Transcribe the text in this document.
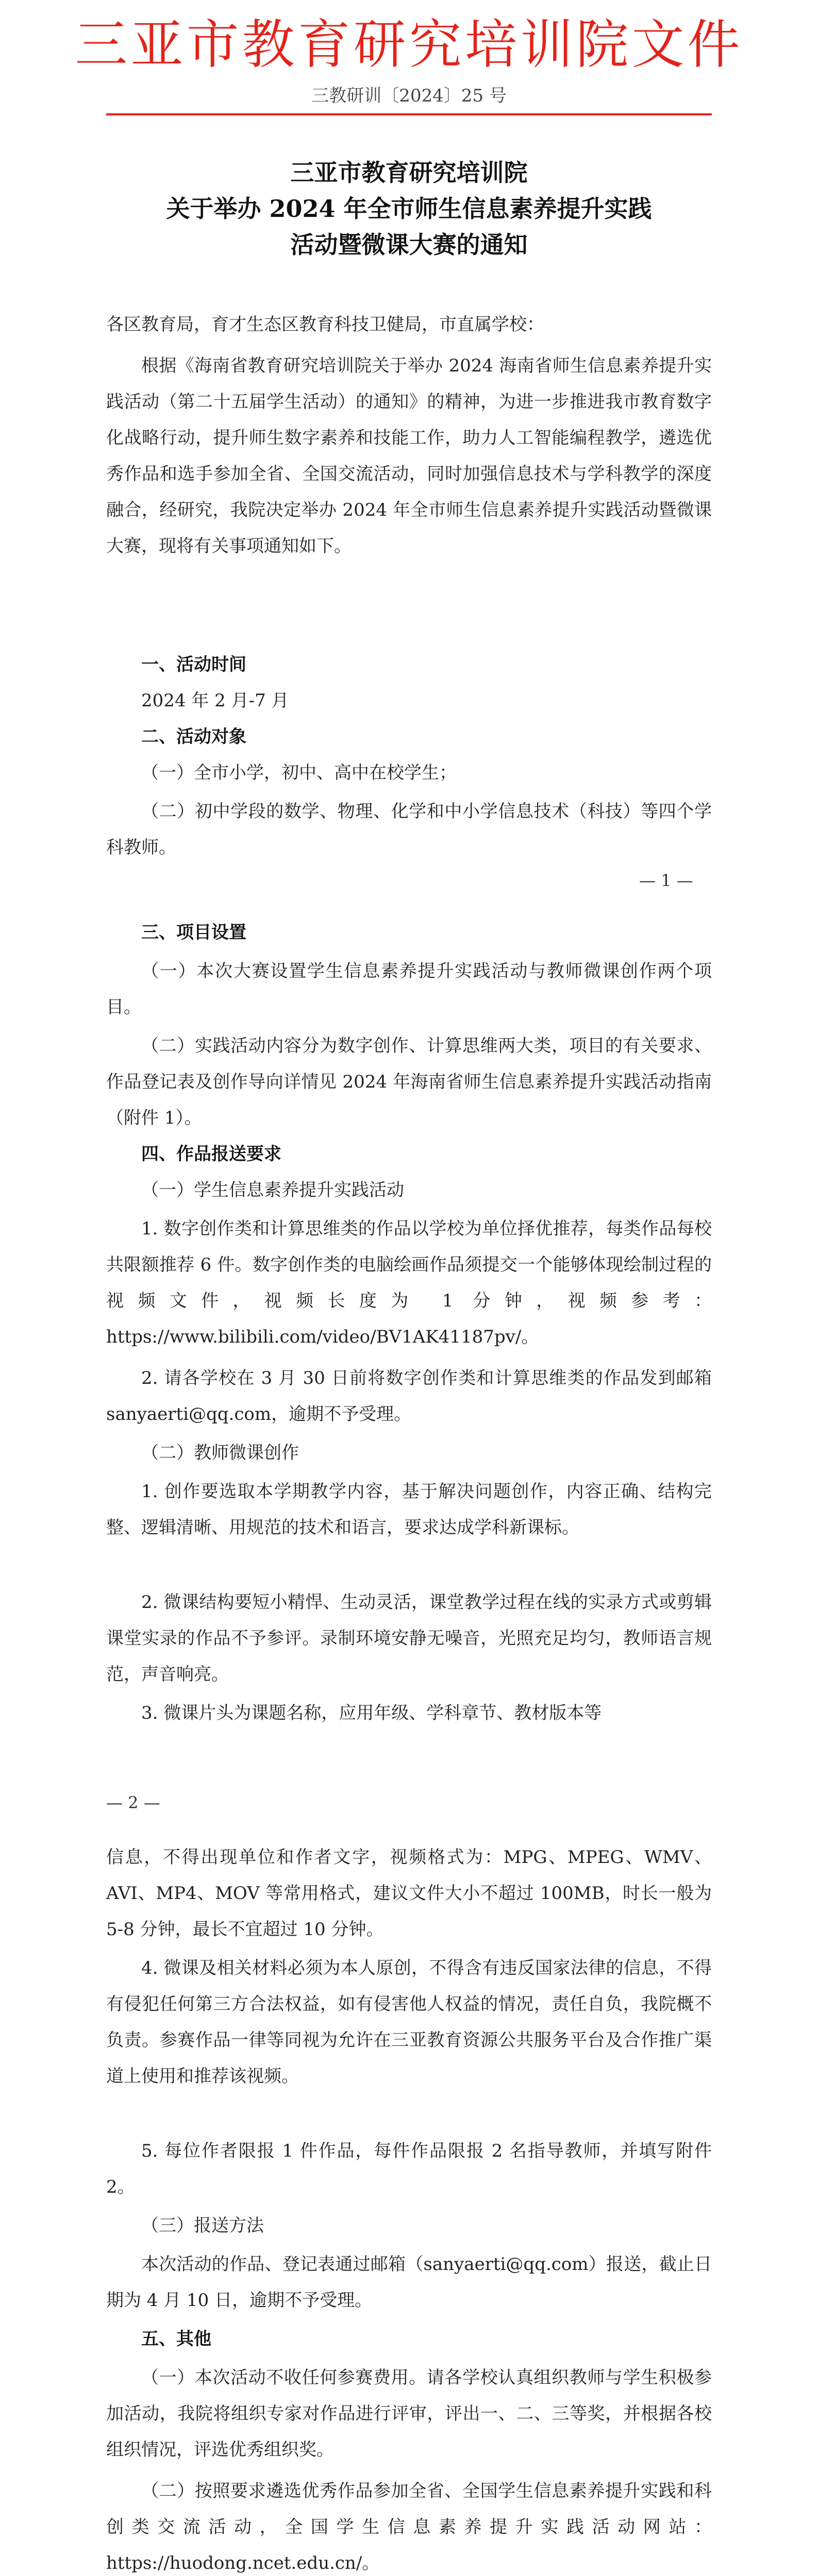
三亚市教育研究培训院文件
三教研训〔2024〕25 号
三亚市教育研究培训院
关于举办 2024 年全市师生信息素养提升实践
活动暨微课大赛的通知

各区教育局，育才生态区教育科技卫健局，市直属学校：

根据《海南省教育研究培训院关于举办 2024 海南省师生信息素养提升实践活动（第二十五届学生活动）的通知》的精神，为进一步推进我市教育数字化战略行动，提升师生数字素养和技能工作，助力人工智能编程教学，遴选优秀作品和选手参加全省、全国交流活动，同时加强信息技术与学科教学的深度融合，经研究，我院决定举办 2024 年全市师生信息素养提升实践活动暨微课大赛，现将有关事项通知如下。

一、活动时间

2024 年 2 月-7 月

二、活动对象

（一）全市小学，初中、高中在校学生；

（二）初中学段的数学、物理、化学和中小学信息技术（科技）等四个学科教师。

— 1 —

三、项目设置

（一）本次大赛设置学生信息素养提升实践活动与教师微课创作两个项目。

（二）实践活动内容分为数字创作、计算思维两大类，项目的有关要求、作品登记表及创作导向详情见 2024 年海南省师生信息素养提升实践活动指南（附件 1）。

四、作品报送要求

（一）学生信息素养提升实践活动

1. 数字创作类和计算思维类的作品以学校为单位择优推荐，每类作品每校共限额推荐 6 件。数字创作类的电脑绘画作品须提交一个能够体现绘制过程的视频文件，视频长度为 1 分钟，视频参考：https://www.bilibili.com/video/BV1AK41187pv/。

2. 请各学校在 3 月 30 日前将数字创作类和计算思维类的作品发到邮箱 sanyaerti@qq.com，逾期不予受理。

（二）教师微课创作

1. 创作要选取本学期教学内容，基于解决问题创作，内容正确、结构完整、逻辑清晰、用规范的技术和语言，要求达成学科新课标。

2. 微课结构要短小精悍、生动灵活，课堂教学过程在线的实录方式或剪辑课堂实录的作品不予参评。录制环境安静无噪音，光照充足均匀，教师语言规范，声音响亮。

3. 微课片头为课题名称，应用年级、学科章节、教材版本等

— 2 —

信息，不得出现单位和作者文字，视频格式为：MPG、MPEG、WMV、AVI、MP4、MOV 等常用格式，建议文件大小不超过 100MB，时长一般为 5-8 分钟，最长不宜超过 10 分钟。

4. 微课及相关材料必须为本人原创，不得含有违反国家法律的信息，不得有侵犯任何第三方合法权益，如有侵害他人权益的情况，责任自负，我院概不负责。参赛作品一律等同视为允许在三亚教育资源公共服务平台及合作推广渠道上使用和推荐该视频。

5. 每位作者限报 1 件作品，每件作品限报 2 名指导教师，并填写附件 2。

（三）报送方法

本次活动的作品、登记表通过邮箱（sanyaerti@qq.com）报送，截止日期为 4 月 10 日，逾期不予受理。

五、其他

（一）本次活动不收任何参赛费用。请各学校认真组织教师与学生积极参加活动，我院将组织专家对作品进行评审，评出一、二、三等奖，并根据各校组织情况，评选优秀组织奖。

（二）按照要求遴选优秀作品参加全省、全国学生信息素养提升实践和科创类交流活动，全国学生信息素养提升实践活动网站：https://huodong.ncet.edu.cn/。
